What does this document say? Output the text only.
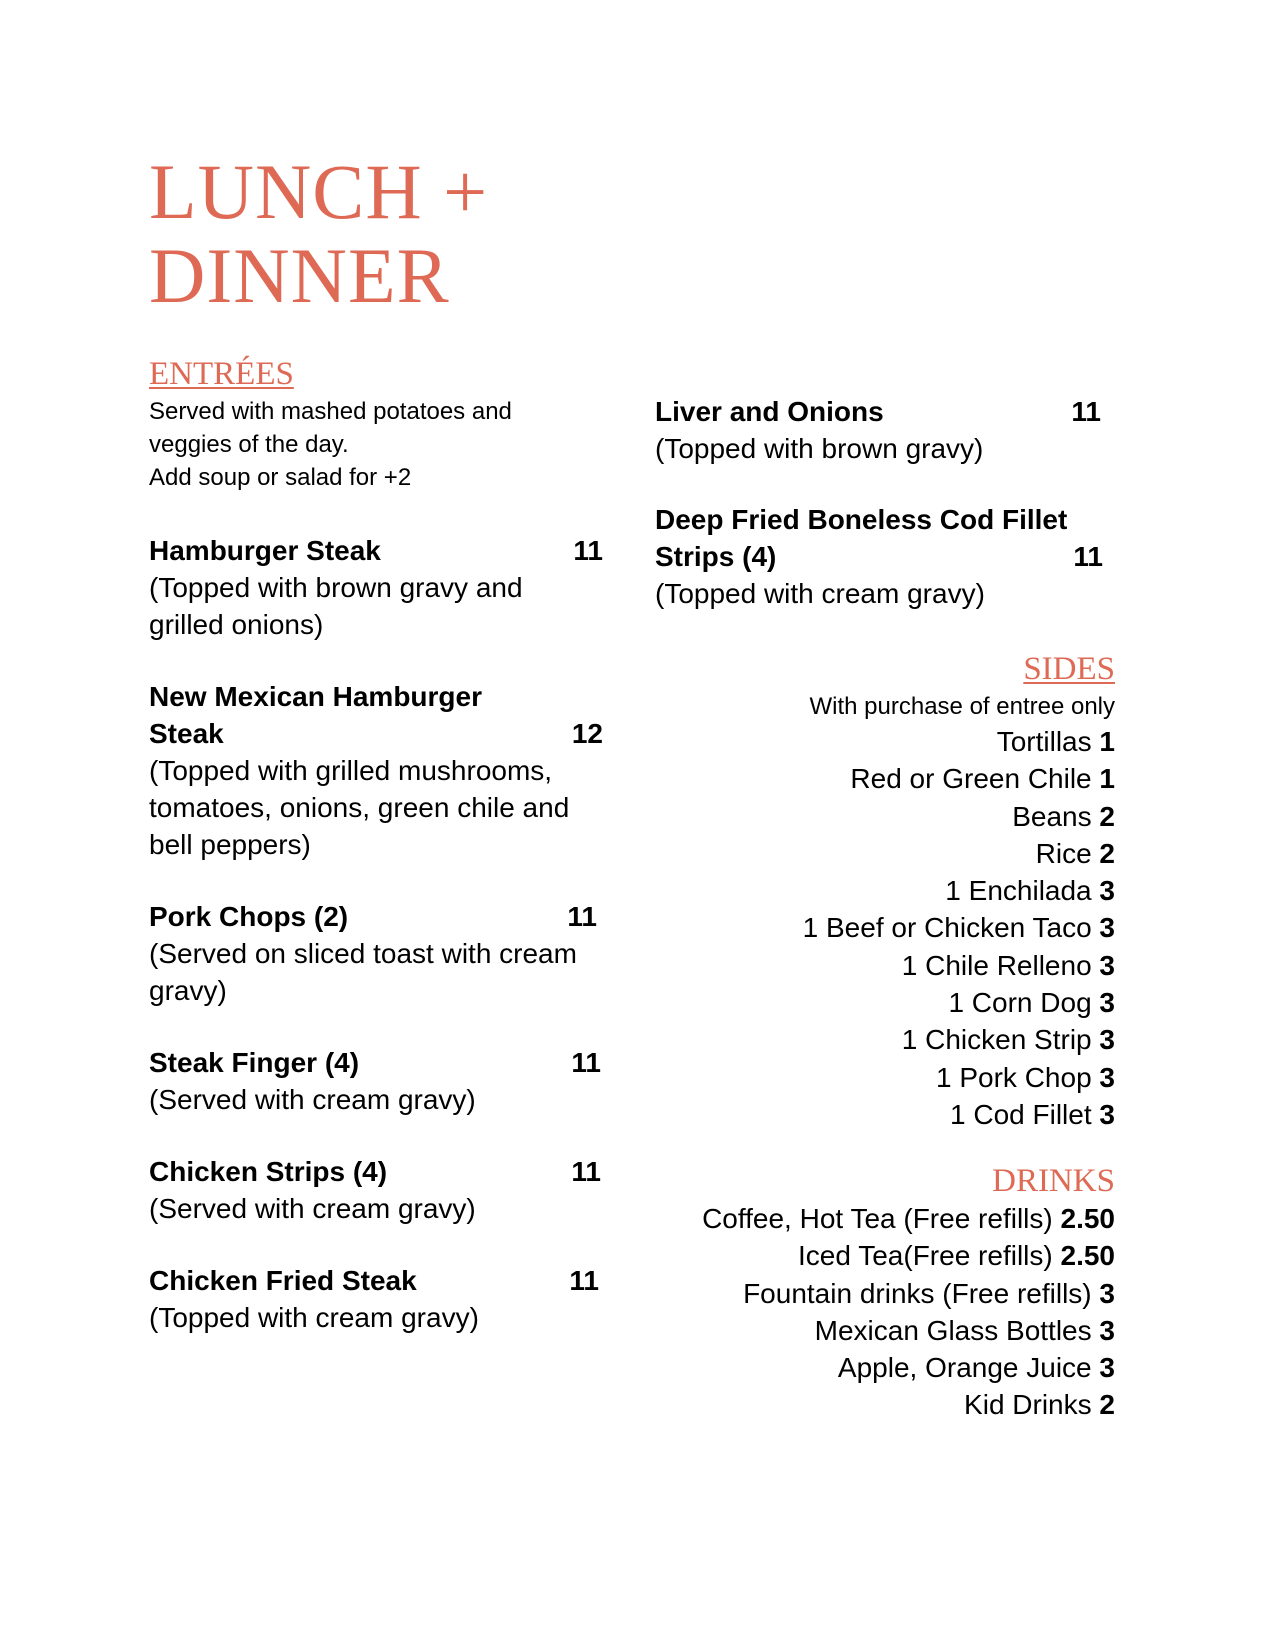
LUNCH +
DINNER
ENTRÉES
Served with mashed potatoes and
veggies of the day.
Add soup or salad for +2
Hamburger Steak	11
(Topped with brown gravy and grilled onions)
New Mexican Hamburger Steak	12
(Topped with grilled mushrooms, tomatoes, onions, green chile and bell peppers)
Pork Chops (2)	11
(Served on sliced toast with cream gravy)
Steak Finger (4)	11
(Served with cream gravy)
Chicken Strips (4)	11
(Served with cream gravy)
Chicken Fried Steak	11
(Topped with cream gravy)
Liver and Onions	11
(Topped with brown gravy)
Deep Fried Boneless Cod Fillet Strips (4)	11
(Topped with cream gravy)
SIDES
With purchase of entree only
Tortillas 1
Red or Green Chile 1
Beans 2
Rice 2
1 Enchilada 3
1 Beef or Chicken Taco 3
1 Chile Relleno 3
1 Corn Dog 3
1 Chicken Strip 3
1 Pork Chop 3
1 Cod Fillet 3
DRINKS
Coffee, Hot Tea (Free refills) 2.50
Iced Tea(Free refills) 2.50
Fountain drinks (Free refills) 3
Mexican Glass Bottles 3
Apple, Orange Juice 3
Kid Drinks 2
